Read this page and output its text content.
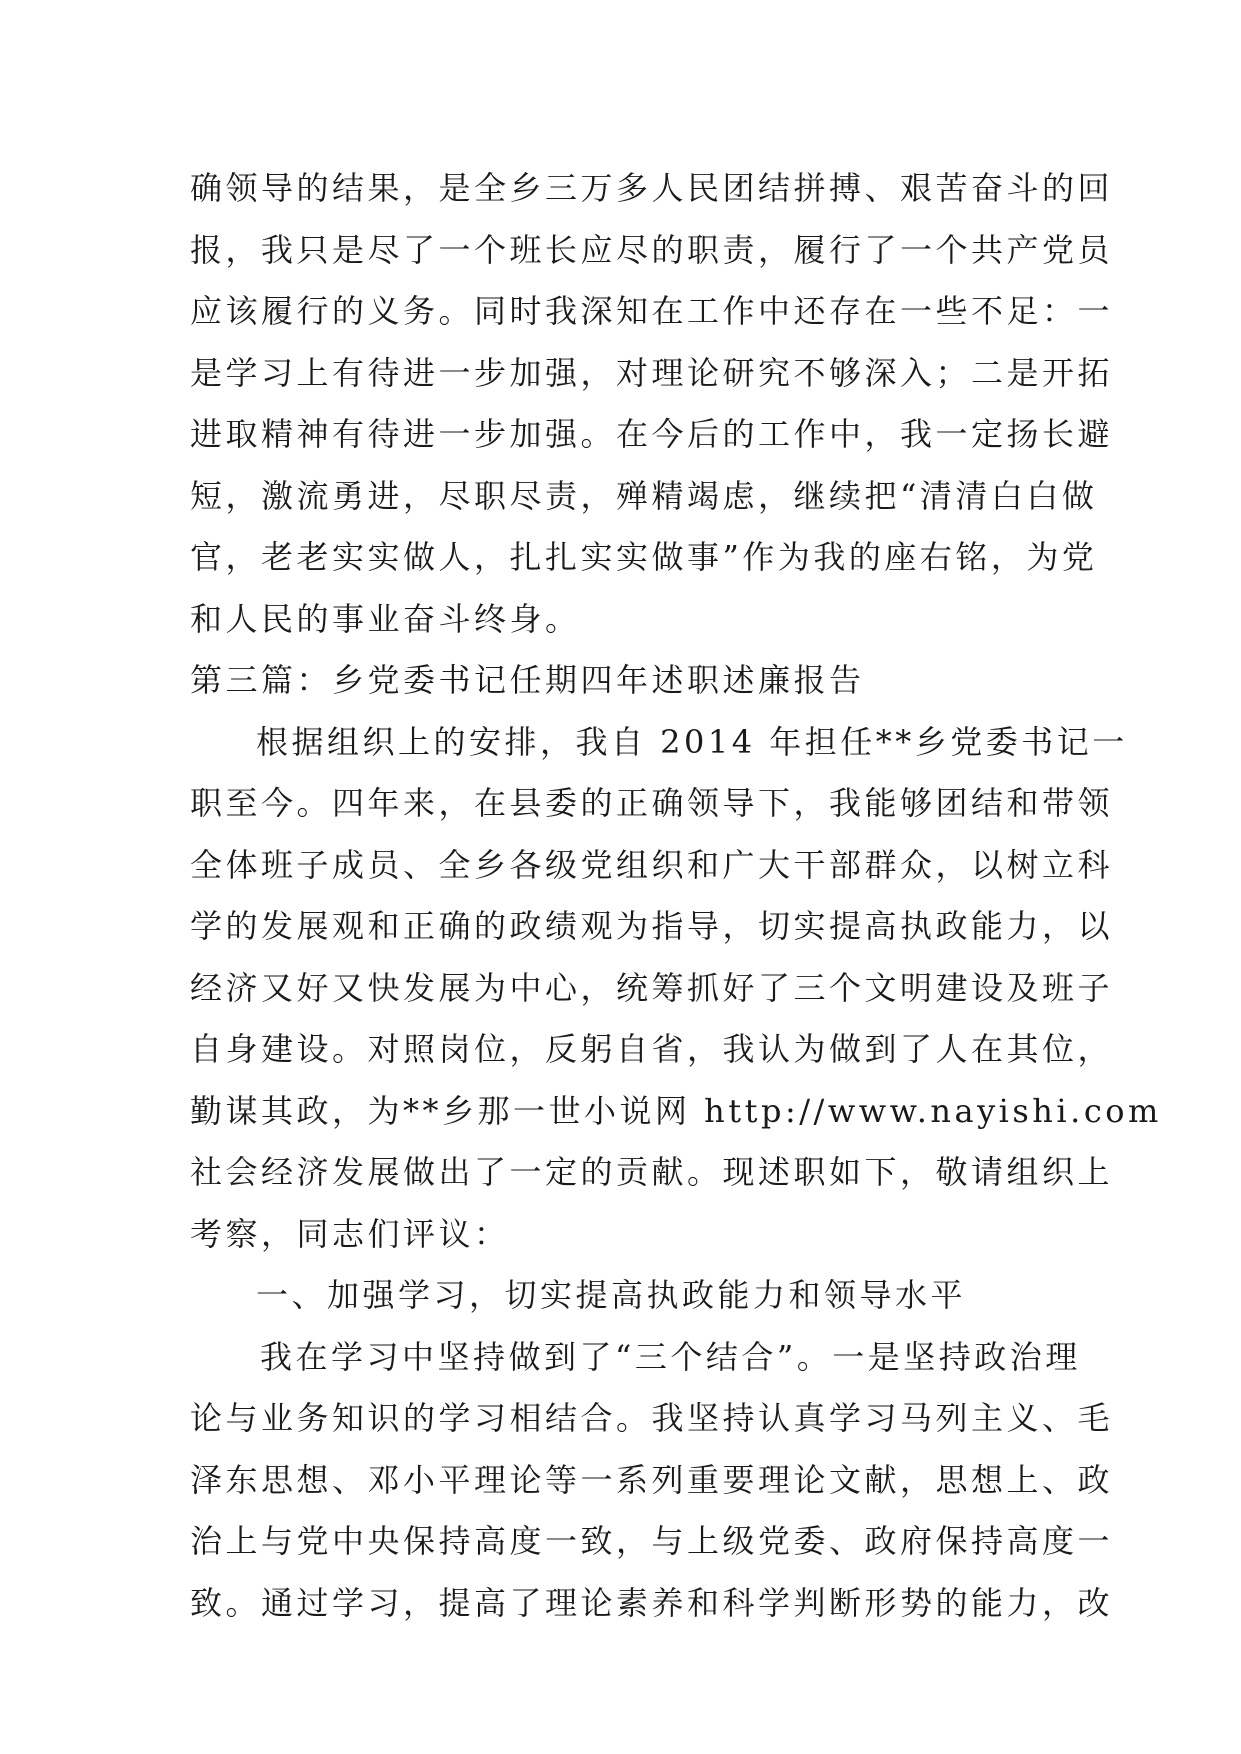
确领导的结果，是全乡三万多人民团结拼搏、艰苦奋斗的回
报，我只是尽了一个班长应尽的职责，履行了一个共产党员
应该履行的义务。同时我深知在工作中还存在一些不足：一
是学习上有待进一步加强，对理论研究不够深入；二是开拓
进取精神有待进一步加强。在今后的工作中，我一定扬长避
短，激流勇进，尽职尽责，殚精竭虑，继续把“清清白白做
官，老老实实做人，扎扎实实做事”作为我的座右铭，为党
和人民的事业奋斗终身。
第三篇：乡党委书记任期四年述职述廉报告
根据组织上的安排，我自 2014 年担任**乡党委书记一
职至今。四年来，在县委的正确领导下，我能够团结和带领
全体班子成员、全乡各级党组织和广大干部群众，以树立科
学的发展观和正确的政绩观为指导，切实提高执政能力，以
经济又好又快发展为中心，统筹抓好了三个文明建设及班子
自身建设。对照岗位，反躬自省，我认为做到了人在其位，
勤谋其政，为**乡那一世小说网 http://www.nayishi.com
社会经济发展做出了一定的贡献。现述职如下，敬请组织上
考察，同志们评议：
一、加强学习，切实提高执政能力和领导水平
我在学习中坚持做到了“三个结合”。一是坚持政治理
论与业务知识的学习相结合。我坚持认真学习马列主义、毛
泽东思想、邓小平理论等一系列重要理论文献，思想上、政
治上与党中央保持高度一致，与上级党委、政府保持高度一
致。通过学习，提高了理论素养和科学判断形势的能力，改
